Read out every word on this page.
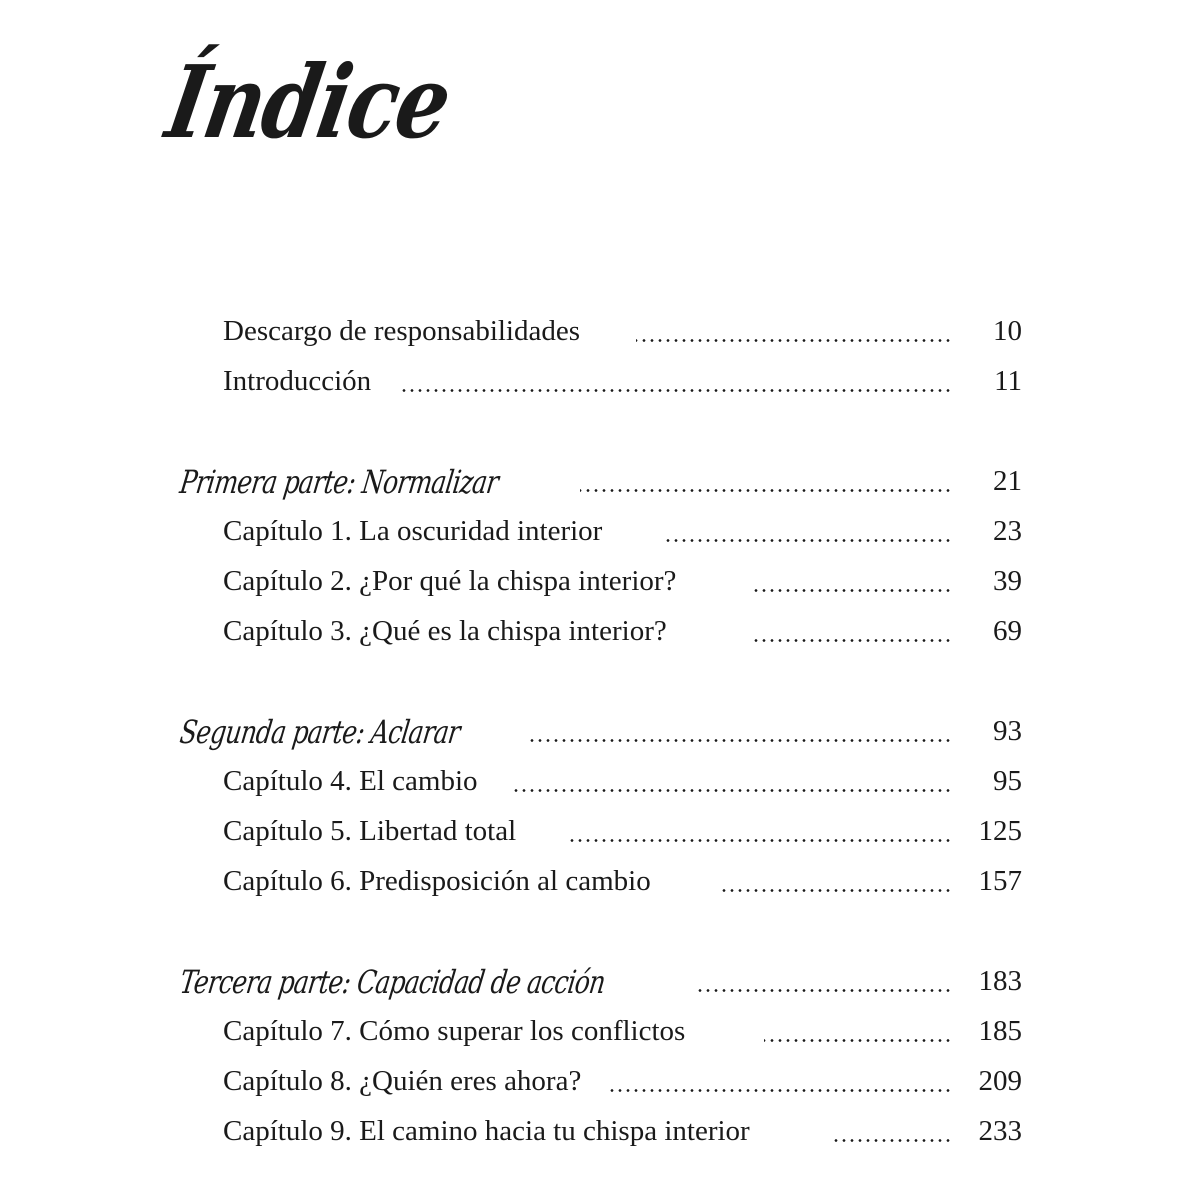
Índice
Descargo de responsabilidades	10
Introducción	11
Primera parte: Normalizar	21
Capítulo 1. La oscuridad interior	23
Capítulo 2. ¿Por qué la chispa interior?	39
Capítulo 3. ¿Qué es la chispa interior?	69
Segunda parte: Aclarar	93
Capítulo 4. El cambio	95
Capítulo 5. Libertad total	125
Capítulo 6. Predisposición al cambio	157
Tercera parte: Capacidad de acción	183
Capítulo 7. Cómo superar los conflictos	185
Capítulo 8. ¿Quién eres ahora?	209
Capítulo 9. El camino hacia tu chispa interior	233
